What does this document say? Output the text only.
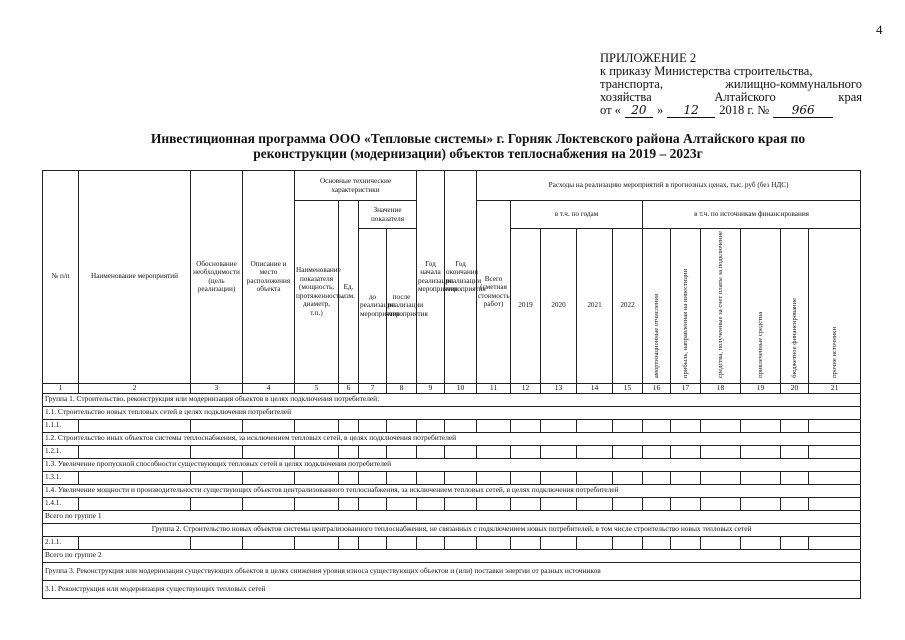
4
ПРИЛОЖЕНИЕ 2
к приказу Министерства строительства,
транспорта,	жилищно-коммунального
хозяйства	Алтайского	края
от « 20 »	12	2018 г. №	966
Инвестиционная программа ООО «Тепловые системы» г. Горняк Локтевского района Алтайского края по
реконструкции (модернизации) объектов теплоснабжения на 2019 – 2023г
№ п/п	Наименование мероприятий	Обоснование необходимости (цель реализации)	Описание и место расположения объекта	Основные технические характеристики				Год начала реализации мероприятия	Год окончания реализации мероприятия	Расходы на реализацию мероприятий в прогнозных ценах, тыс. руб (без НДС)										
				Наименование показателя (мощность, протяженность, диаметр, т.п.)	Ед. изм.	Значение показателя				Всего (сметная стоимость работ)	в т.ч. по годам				в т.ч. по источникам финансирования					
						до реализации мероприятия	после реализации мероприятия				2019	2020	2021	2022	амортизационные отчисления	прибыль, направленная на инвестиции	средства, полученные за счет платы за подключение	привлеченные средства	бюджетное финансирование	прочие источники
1	2	3	4	5	6	7	8	9	10	11	12	13	14	15	16	17	18	19	20	21
Группа 1. Строительство, реконструкция или модернизация объектов в целях подключения потребителей:																				
1.1. Строительство новых тепловых сетей в целях подключения потребителей																				
1.1.1.																				
1.2. Строительство иных объектов системы теплоснабжения, за исключением тепловых сетей, в целях подключения потребителей																				
1.2.1.																				
1.3. Увеличение пропускной способности существующих тепловых сетей в целях подключения потребителей																				
1.3.1.																				
1.4. Увеличение мощности и производительности существующих объектов централизованного теплоснабжения, за исключением тепловых сетей, в целях подключения потребителей																				
1.4.1.																				
Всего по группе 1																				
Группа 2. Строительство новых объектов системы централизованного теплоснабжения, не связанных с подключением новых потребителей, в том числе строительство новых тепловых сетей																				
2.1.1.																				
Всего по группе 2																				
Группа 3. Реконструкция или модернизация существующих объектов в целях снижения уровня износа существующих объектов и (или) поставки энергии от разных источников																				
3.1. Реконструкция или модернизация существующих тепловых сетей																				
